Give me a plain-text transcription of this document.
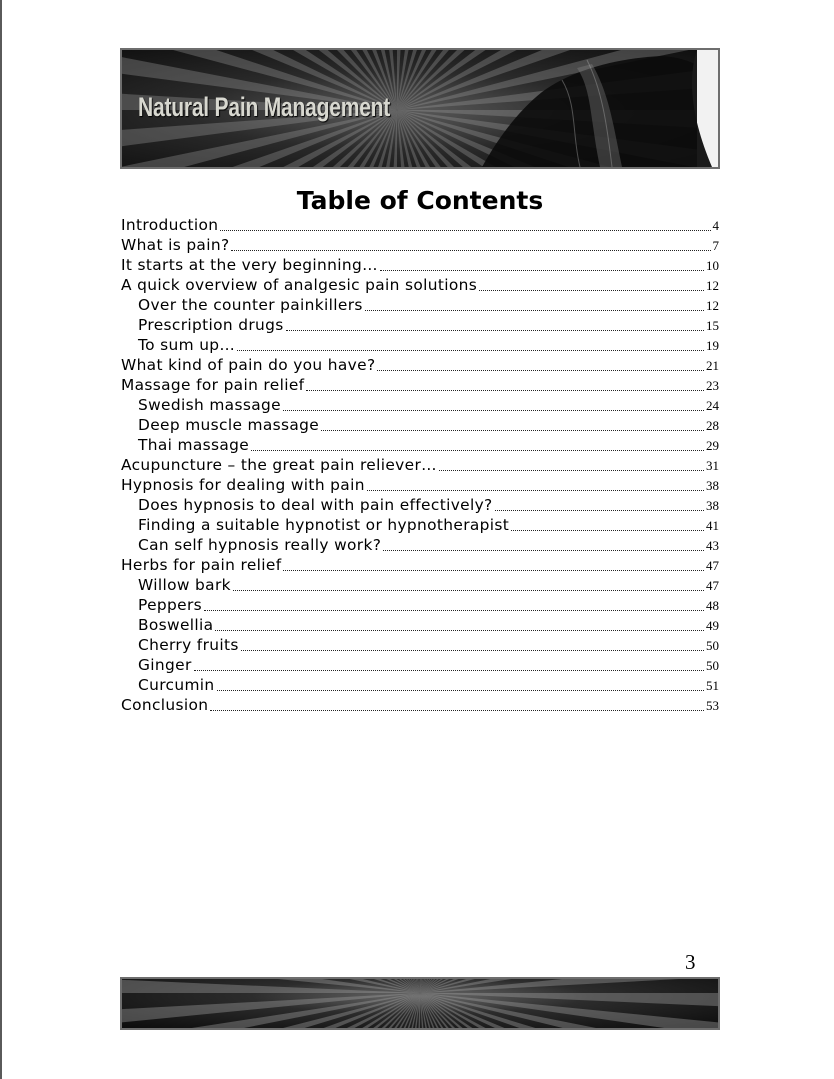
Natural Pain Management
Table of Contents
Introduction	4
What is pain?	7
It starts at the very beginning…	10
A quick overview of analgesic pain solutions	12
Over the counter painkillers	12
Prescription drugs	15
To sum up…	19
What kind of pain do you have?	21
Massage for pain relief	23
Swedish massage	24
Deep muscle massage	28
Thai massage	29
Acupuncture – the great pain reliever…	31
Hypnosis for dealing with pain	38
Does hypnosis to deal with pain effectively?	38
Finding a suitable hypnotist or hypnotherapist	41
Can self hypnosis really work?	43
Herbs for pain relief	47
Willow bark	47
Peppers	48
Boswellia	49
Cherry fruits	50
Ginger	50
Curcumin	51
Conclusion	53
3
